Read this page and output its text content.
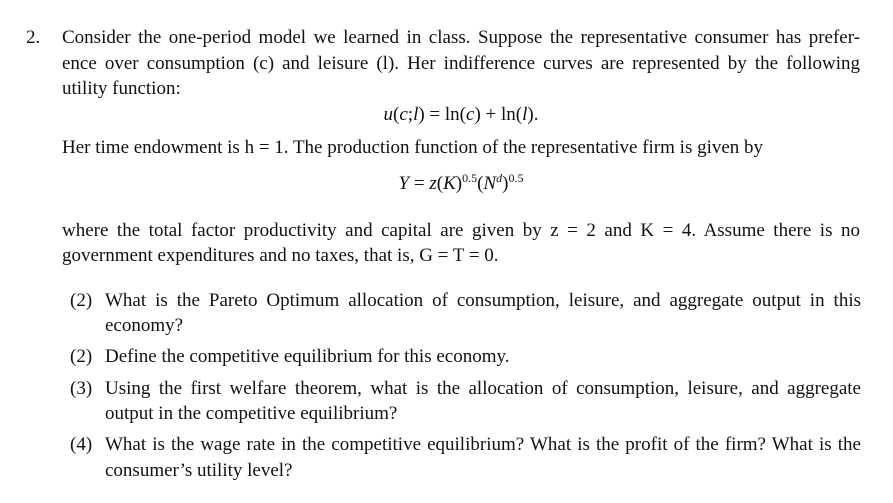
2. Consider the one-period model we learned in class. Suppose the representative consumer has prefer-
ence over consumption (c) and leisure (l). Her indifference curves are represented by the following
utility function:
u(c;l) = ln(c) + ln(l).
Her time endowment is h = 1. The production function of the representative firm is given by
$Y = z(K)^{0.5}(N^d)^{0.5}$
where the total factor productivity and capital are given by z = 2 and K = 4. Assume there is no
government expenditures and no taxes, that is, G = T = 0.
(2) What is the Pareto Optimum allocation of consumption, leisure, and aggregate output in this
economy?
(2) Define the competitive equilibrium for this economy.
(3) Using the first welfare theorem, what is the allocation of consumption, leisure, and aggregate
output in the competitive equilibrium?
(4) What is the wage rate in the competitive equilibrium? What is the profit of the firm? What is the
consumer’s utility level?
